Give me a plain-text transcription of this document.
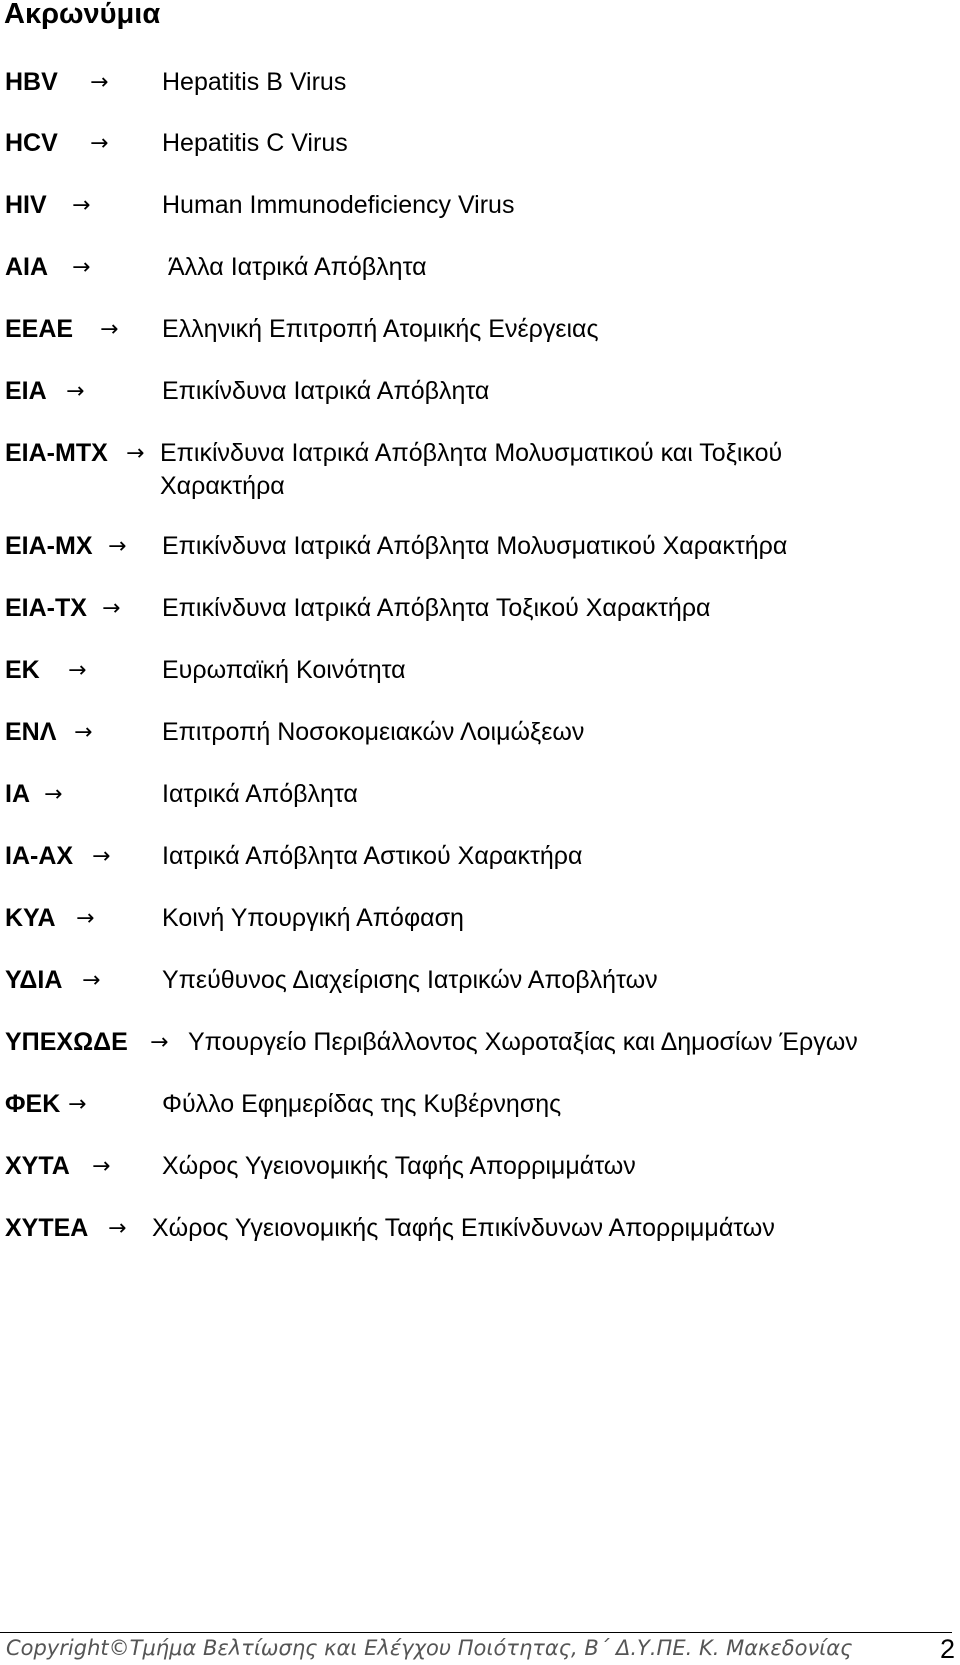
Ακρωνύμια
HBV → Hepatitis B Virus
HCV → Hepatitis C Virus
HIV →	Human Immunodeficiency Virus
ΑΙΑ →	Άλλα Ιατρικά Απόβλητα
ΕΕΑΕ → Ελληνική Επιτροπή Ατομικής Ενέργειας
ΕΙΑ →	Επικίνδυνα Ιατρικά Απόβλητα
ΕΙΑ-ΜΤΧ → Επικίνδυνα Ιατρικά Απόβλητα Μολυσματικού και Τοξικού Χαρακτήρα
ΕΙΑ-ΜΧ → Επικίνδυνα Ιατρικά Απόβλητα Μολυσματικού Χαρακτήρα
ΕΙΑ-ΤΧ → Επικίνδυνα Ιατρικά Απόβλητα Τοξικού Χαρακτήρα
ΕΚ →	Ευρωπαϊκή Κοινότητα
ΕΝΛ →	Επιτροπή Νοσοκομειακών Λοιμώξεων
ΙΑ →	Ιατρικά Απόβλητα
ΙΑ-ΑΧ → Ιατρικά Απόβλητα Αστικού Χαρακτήρα
ΚΥΑ →	Κοινή Υπουργική Απόφαση
ΥΔΙΑ → Υπεύθυνος Διαχείρισης Ιατρικών Αποβλήτων
ΥΠΕΧΩΔΕ → Υπουργείο Περιβάλλοντος Χωροταξίας και Δημοσίων Έργων
ΦΕΚ →	Φύλλο Εφημερίδας της Κυβέρνησης
ΧΥΤΑ → Χώρος Υγειονομικής Ταφής Απορριμμάτων
ΧΥΤΕΑ → Χώρος Υγειονομικής Ταφής Επικίνδυνων Απορριμμάτων
Copyright©Τμήμα Βελτίωσης και Ελέγχου Ποιότητας, Β΄ Δ.Υ.ΠΕ. Κ. Μακεδονίας	2
